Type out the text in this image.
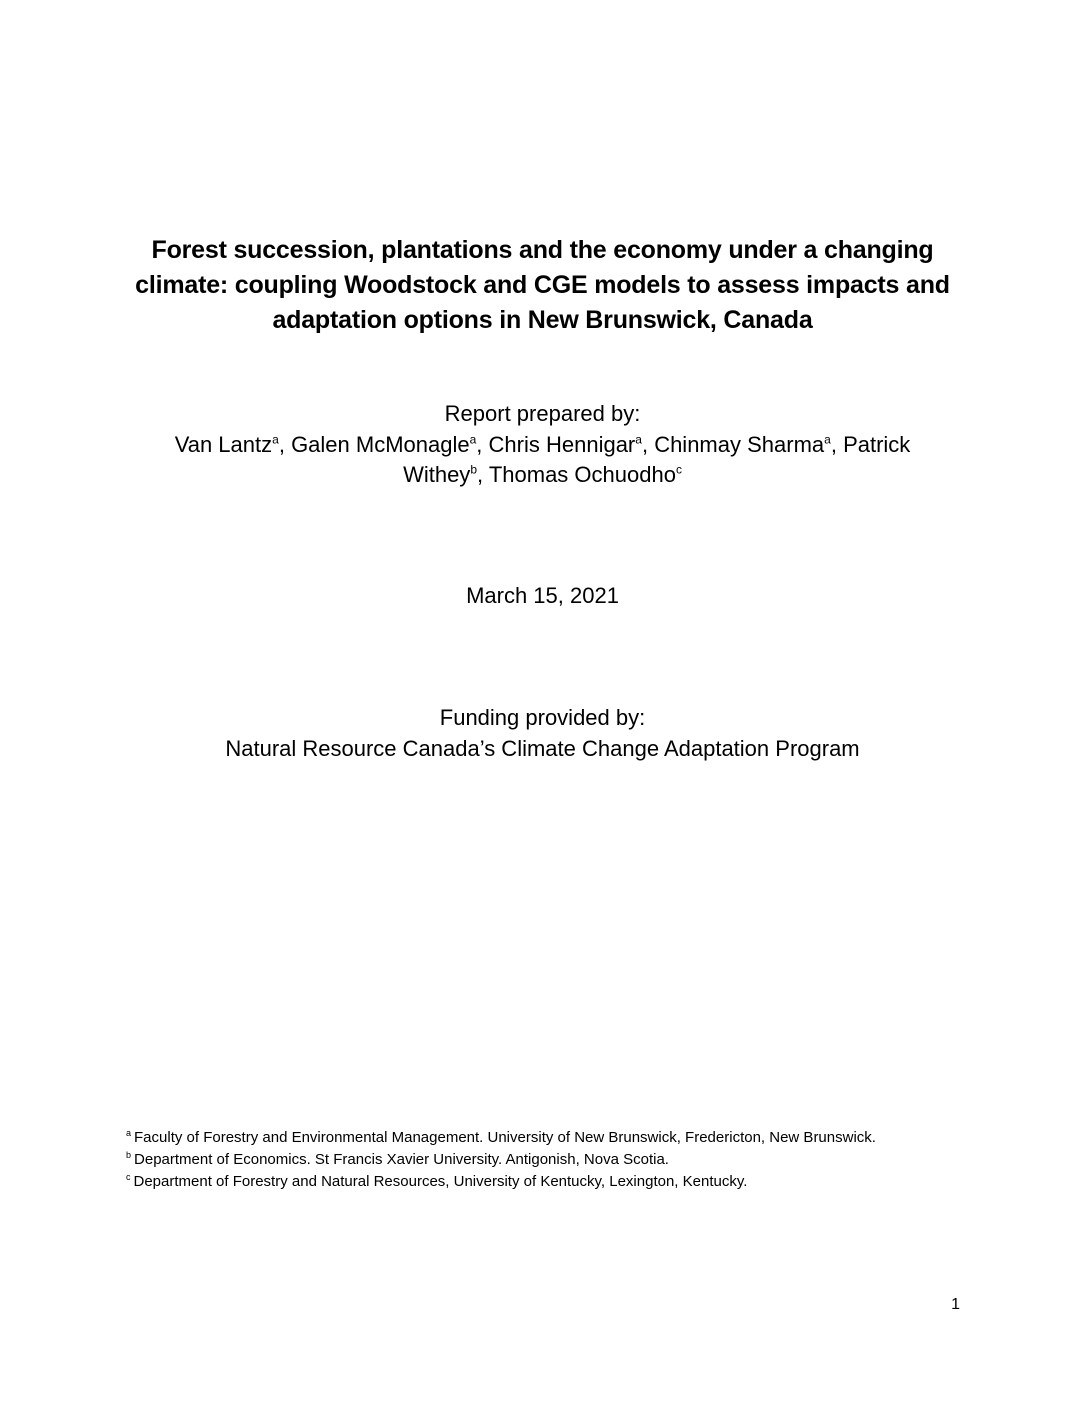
Forest succession, plantations and the economy under a changing
climate: coupling Woodstock and CGE models to assess impacts and
adaptation options in New Brunswick, Canada
Report prepared by:
Van Lantz$^a$, Galen McMonagle$^a$, Chris Hennigar$^a$, Chinmay Sharma$^a$, Patrick
Withey$^b$, Thomas Ochuodho$^c$
March 15, 2021
Funding provided by:
Natural Resource Canada’s Climate Change Adaptation Program
$^a$ Faculty of Forestry and Environmental Management. University of New Brunswick, Fredericton, New Brunswick.
$^b$ Department of Economics. St Francis Xavier University. Antigonish, Nova Scotia.
$^c$ Department of Forestry and Natural Resources, University of Kentucky, Lexington, Kentucky.
1
